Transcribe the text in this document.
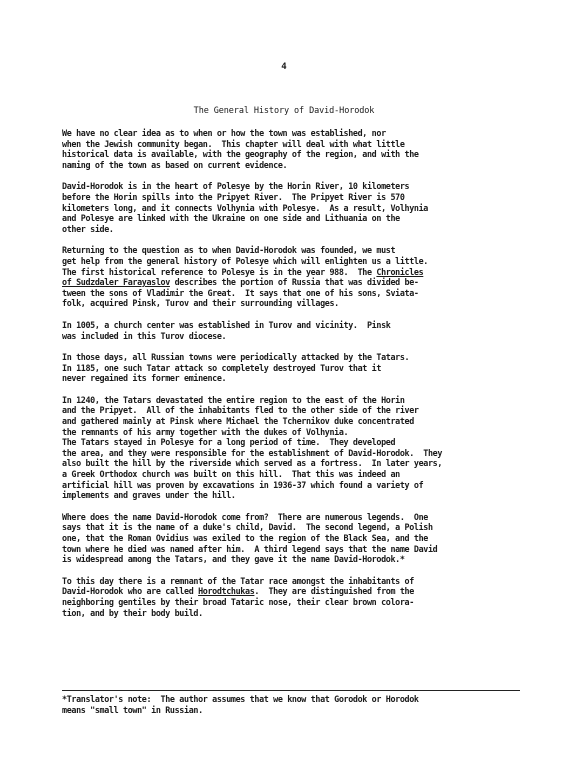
4
The General History of David-Horodok
We have no clear idea as to when or how the town was established, nor
when the Jewish community began.  This chapter will deal with what little
historical data is available, with the geography of the region, and with the
naming of the town as based on current evidence.
David-Horodok is in the heart of Polesye by the Horin River, 10 kilometers
before the Horin spills into the Pripyet River.  The Pripyet River is 570
kilometers long, and it connects Volhynia with Polesye.  As a result, Volhynia
and Polesye are linked with the Ukraine on one side and Lithuania on the
other side.
Returning to the question as to when David-Horodok was founded, we must
get help from the general history of Polesye which will enlighten us a little.
The first historical reference to Polesye is in the year 988.  The Chronicles
of Sudzdaler Farayaslov describes the portion of Russia that was divided be-
tween the sons of Vladimir the Great.  It says that one of his sons, Sviata-
folk, acquired Pinsk, Turov and their surrounding villages.
In 1005, a church center was established in Turov and vicinity.  Pinsk
was included in this Turov diocese.
In those days, all Russian towns were periodically attacked by the Tatars.
In 1185, one such Tatar attack so completely destroyed Turov that it
never regained its former eminence.
In 1240, the Tatars devastated the entire region to the east of the Horin
and the Pripyet.  All of the inhabitants fled to the other side of the river
and gathered mainly at Pinsk where Michael the Tchernikov duke concentrated
the remnants of his army together with the dukes of Volhynia.
The Tatars stayed in Polesye for a long period of time.  They developed
the area, and they were responsible for the establishment of David-Horodok.  They
also built the hill by the riverside which served as a fortress.  In later years,
a Greek Orthodox church was built on this hill.  That this was indeed an
artificial hill was proven by excavations in 1936-37 which found a variety of
implements and graves under the hill.
Where does the name David-Horodok come from?  There are numerous legends.  One
says that it is the name of a duke's child, David.  The second legend, a Polish
one, that the Roman Ovidius was exiled to the region of the Black Sea, and the
town where he died was named after him.  A third legend says that the name David
is widespread among the Tatars, and they gave it the name David-Horodok.*
To this day there is a remnant of the Tatar race amongst the inhabitants of
David-Horodok who are called Horodtchukas.  They are distinguished from the
neighboring gentiles by their broad Tataric nose, their clear brown colora-
tion, and by their body build.
*Translator's note:  The author assumes that we know that Gorodok or Horodok
means "small town" in Russian.
